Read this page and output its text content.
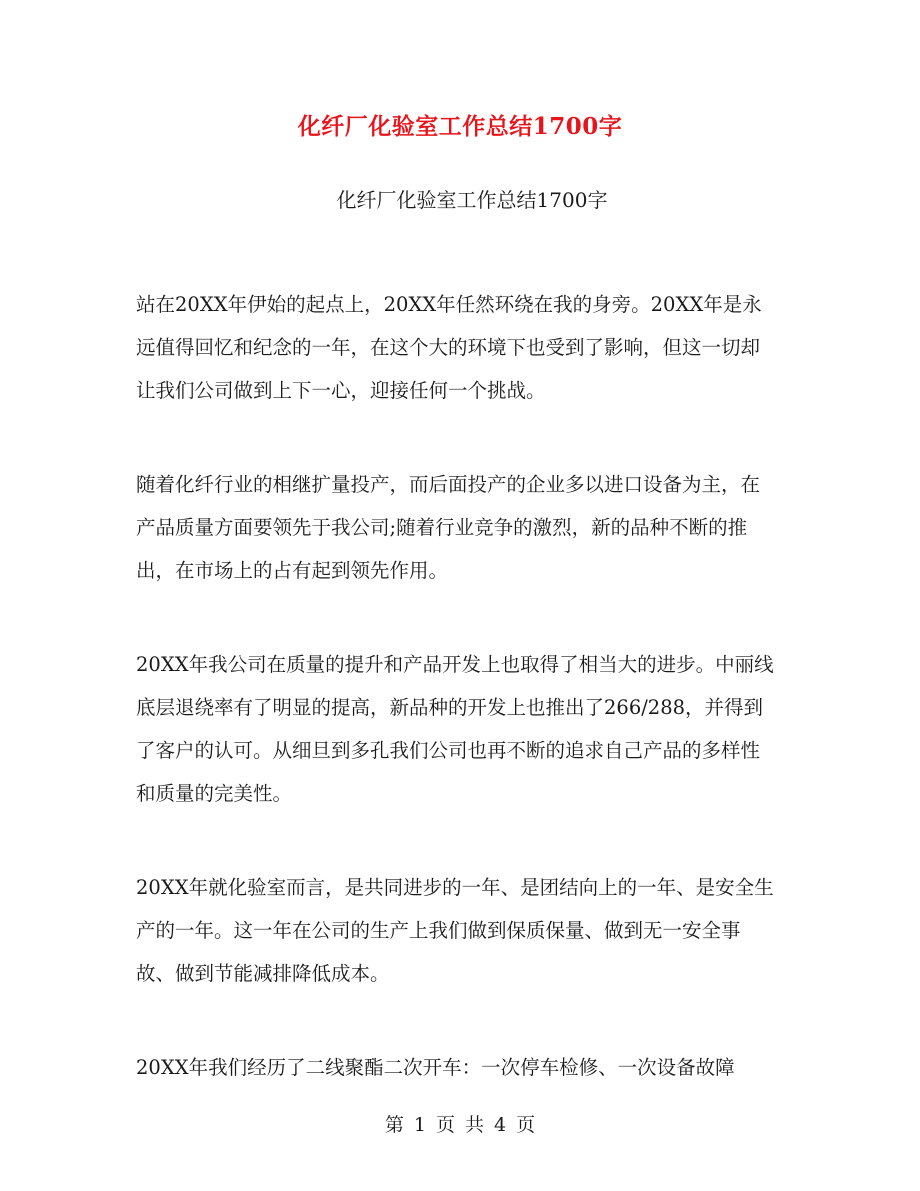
化纤厂化验室工作总结1700字
化纤厂化验室工作总结1700字

站在20XX年伊始的起点上，20XX年任然环绕在我的身旁。20XX年是永远值得回忆和纪念的一年，在这个大的环境下也受到了影响，但这一切却让我们公司做到上下一心，迎接任何一个挑战。

随着化纤行业的相继扩量投产，而后面投产的企业多以进口设备为主，在产品质量方面要领先于我公司;随着行业竞争的激烈，新的品种不断的推出，在市场上的占有起到领先作用。

20XX年我公司在质量的提升和产品开发上也取得了相当大的进步。中丽线底层退绕率有了明显的提高，新品种的开发上也推出了266/288，并得到了客户的认可。从细旦到多孔我们公司也再不断的追求自己产品的多样性和质量的完美性。

20XX年就化验室而言，是共同进步的一年、是团结向上的一年、是安全生产的一年。这一年在公司的生产上我们做到保质保量、做到无一安全事故、做到节能减排降低成本。

20XX年我们经历了二线聚酯二次开车：一次停车检修、一次设备故障

第 1 页 共 4 页
